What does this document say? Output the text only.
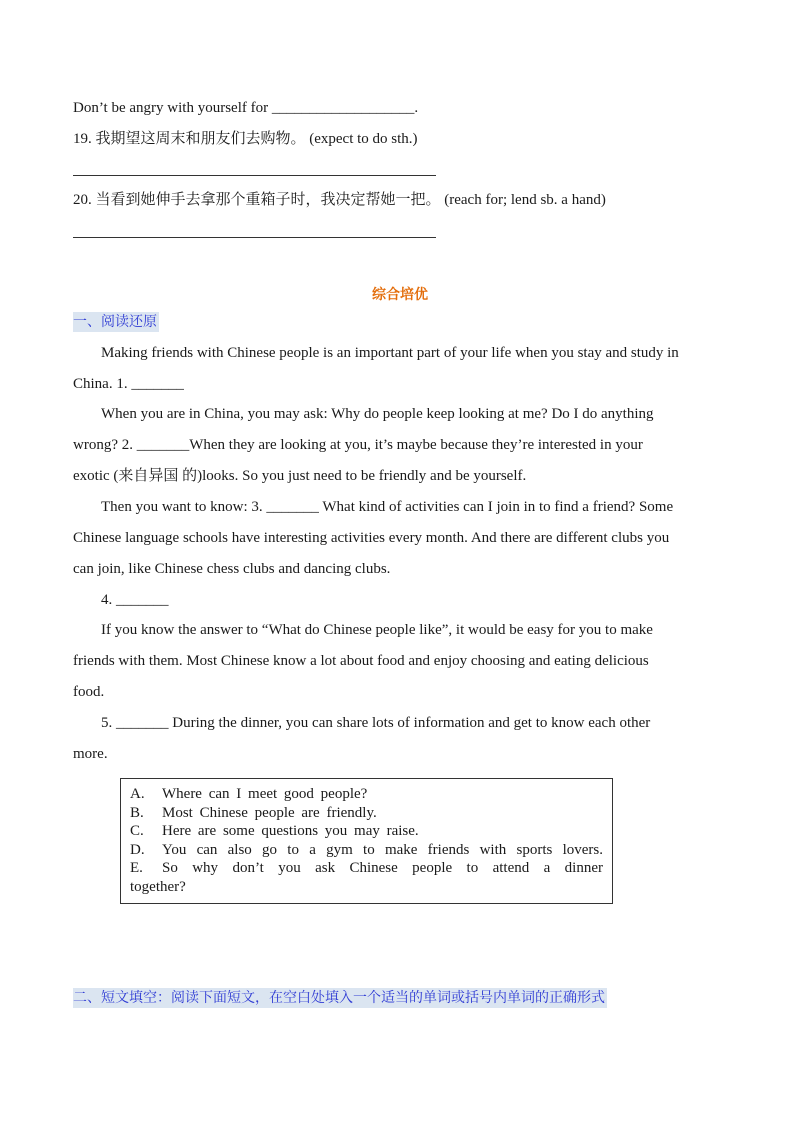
Don’t be angry with yourself for ___________________.
19. 我期望这周末和朋友们去购物。 (expect to do sth.)
20. 当看到她伸手去拿那个重箱子时，我决定帮她一把。 (reach for; lend sb. a hand)
综合培优
一、阅读还原
Making friends with Chinese people is an important part of your life when you stay and study in
China. 1. _______
When you are in China, you may ask: Why do people keep looking at me? Do I do anything
wrong? 2. _______When they are looking at you, it’s maybe because they’re interested in your
exotic (来自异国 的)looks. So you just need to be friendly and be yourself.
Then you want to know: 3. _______ What kind of activities can I join in to find a friend? Some
Chinese language schools have interesting activities every month. And there are different clubs you
can join, like Chinese chess clubs and dancing clubs.
4. _______
If you know the answer to “What do Chinese people like”, it would be easy for you to make
friends with them. Most Chinese know a lot about food and enjoy choosing and eating delicious
food.
5. _______ During the dinner, you can share lots of information and get to know each other
more.
A.	Where can I meet good people?
B.	Most Chinese people are friendly.
C.	Here are some questions you may raise.
D.	You can also go to a gym to make friends with sports lovers.
E.	So why don’t you ask Chinese people to attend a dinner
together?
二、短文填空：阅读下面短文，在空白处填入一个适当的单词或括号内单词的正确形式
